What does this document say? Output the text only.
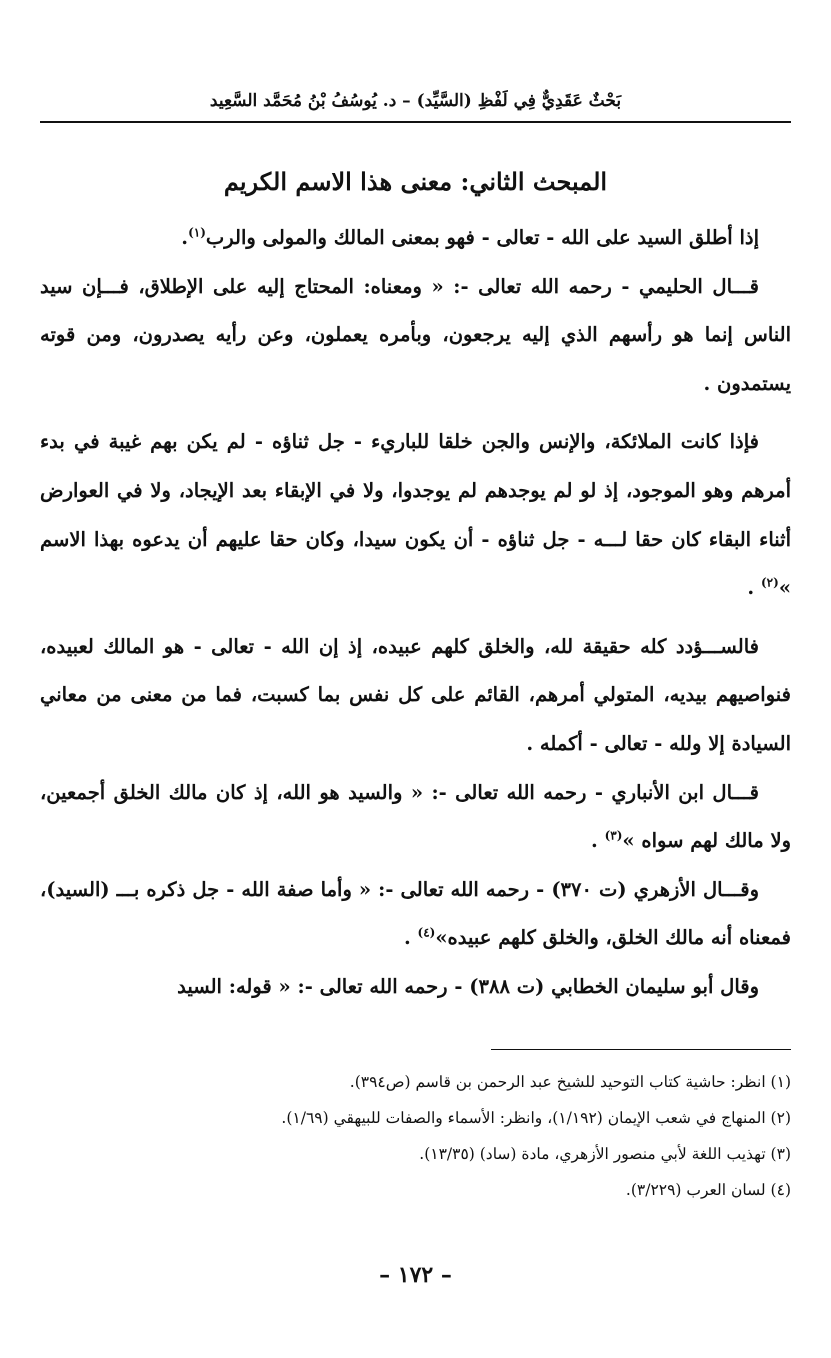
بَحْثٌ عَقَدِيٌّ فِي لَفْظِ (السَّيِّد) – د. يُوسُفُ بْنُ مُحَمَّد السَّعِيد
المبحث الثاني: معنى هذا الاسم الكريم

إذا أطلق السيد على الله - تعالى - فهو بمعنى المالك والمولى والرب$^{(١)}$.

قـــال الحليمي - رحمه الله تعالى -: « ومعناه: المحتاج إليه على الإطلاق، فـــإن سيد الناس إنما هو رأسهم الذي إليه يرجعون، وبأمره يعملون، وعن رأيه يصدرون، ومن قوته يستمدون .

فإذا كانت الملائكة، والإنس والجن خلقا للباريء - جل ثناؤه - لم يكن بهم غيبة في بدء أمرهم وهو الموجود، إذ لو لم يوجدهم لم يوجدوا، ولا في الإبقاء بعد الإيجاد، ولا في العوارض أثناء البقاء كان حقا لـــه - جل ثناؤه - أن يكون سيدا، وكان حقا عليهم أن يدعوه بهذا الاسم »$^{(٢)}$ .

فالســـؤدد كله حقيقة لله، والخلق كلهم عبيده، إذ إن الله - تعالى - هو المالك لعبيده، فنواصيهم بيديه، المتولي أمرهم، القائم على كل نفس بما كسبت، فما من معنى من معاني السيادة إلا ولله - تعالى - أكمله .

قـــال ابن الأنباري - رحمه الله تعالى -: « والسيد هو الله، إذ كان مالك الخلق أجمعين، ولا مالك لهم سواه »$^{(٣)}$ .

وقـــال الأزهري (ت ٣٧٠) - رحمه الله تعالى -: « وأما صفة الله - جل ذكره بـــ (السيد)، فمعناه أنه مالك الخلق، والخلق كلهم عبيده»$^{(٤)}$ .

وقال أبو سليمان الخطابي (ت ٣٨٨) - رحمه الله تعالى -: « قوله: السيد

(١) انظر: حاشية كتاب التوحيد للشيخ عبد الرحمن بن قاسم (ص٣٩٤).
(٢) المنهاج في شعب الإيمان (١/١٩٢)، وانظر: الأسماء والصفات للبيهقي (١/٦٩).
(٣) تهذيب اللغة لأبي منصور الأزهري، مادة (ساد) (١٣/٣٥).
(٤) لسان العرب (٣/٢٢٩).
– ١٧٢ –
